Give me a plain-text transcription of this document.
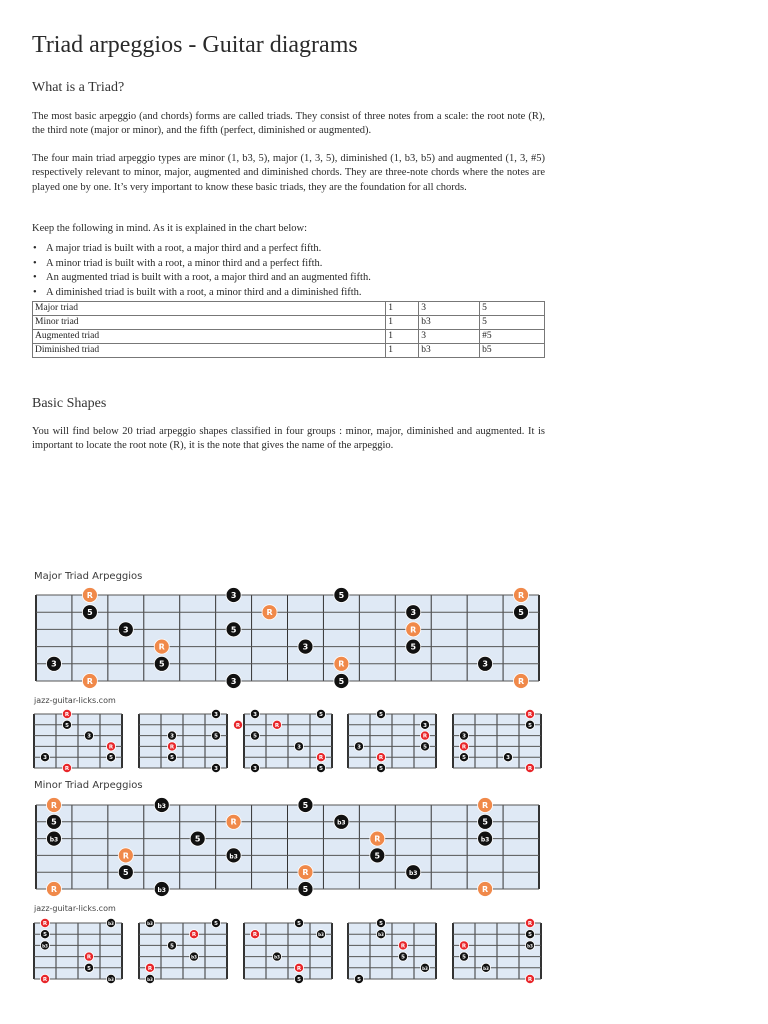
Triad arpeggios - Guitar diagrams
What is a Triad?

The most basic arpeggio (and chords) forms are called triads. They consist of three notes from a scale: the root note (R), the third note (major or minor), and the fifth (perfect, diminished or augmented).

The four main triad arpeggio types are minor (1, b3, 5), major (1, 3, 5), diminished (1, b3, b5) and augmented (1, 3, #5) respectively relevant to minor, major, augmented and diminished chords. They are three-note chords where the notes are played one by one. It’s very important to know these basic triads, they are the foundation for all chords.

Keep the following in mind. As it is explained in the chart below:

• A major triad is built with a root, a major third and a perfect fifth.
• A minor triad is built with a root, a minor third and a perfect fifth.
• An augmented triad is built with a root, a major third and an augmented fifth.
• A diminished triad is built with a root, a minor third and a diminished fifth.
Major triad	1	3	5
Minor triad	1	b3	5
Augmented triad	1	3	#5
Diminished triad	1	b3	b5
Basic Shapes

You will find below 20 triad arpeggio shapes classified in four groups : minor, major, diminished and augmented. It is important to locate the root note (R), it is the note that gives the name of the arpeggio.

Major Triad Arpeggios
R
R
5
3
3
R
5
3
5
3
R
3
5
R
5
3
R
5
3
R
5
R
jazz-guitar-licks.com
R
5
3
R
5
3
R
3
R
3	5
R
5
3
3	5
R
5
3
R
3	5
5
3
R
5
3
R
5
R
5
3
R
5	3
R
Minor Triad Arpeggios
R
5
b3
R
R
5
b3
b3
5
R
b3
5
R
5
b3
R
5
b3
R
5
b3
R
jazz-guitar-licks.com
R
5
b3
R
5
b3
R	b3
b3	5
R
5
b3
R
b3
5
R	b3
b3
R
5
5
b3
R
5
b3
5
R
5
b3
R
5
b3
R
